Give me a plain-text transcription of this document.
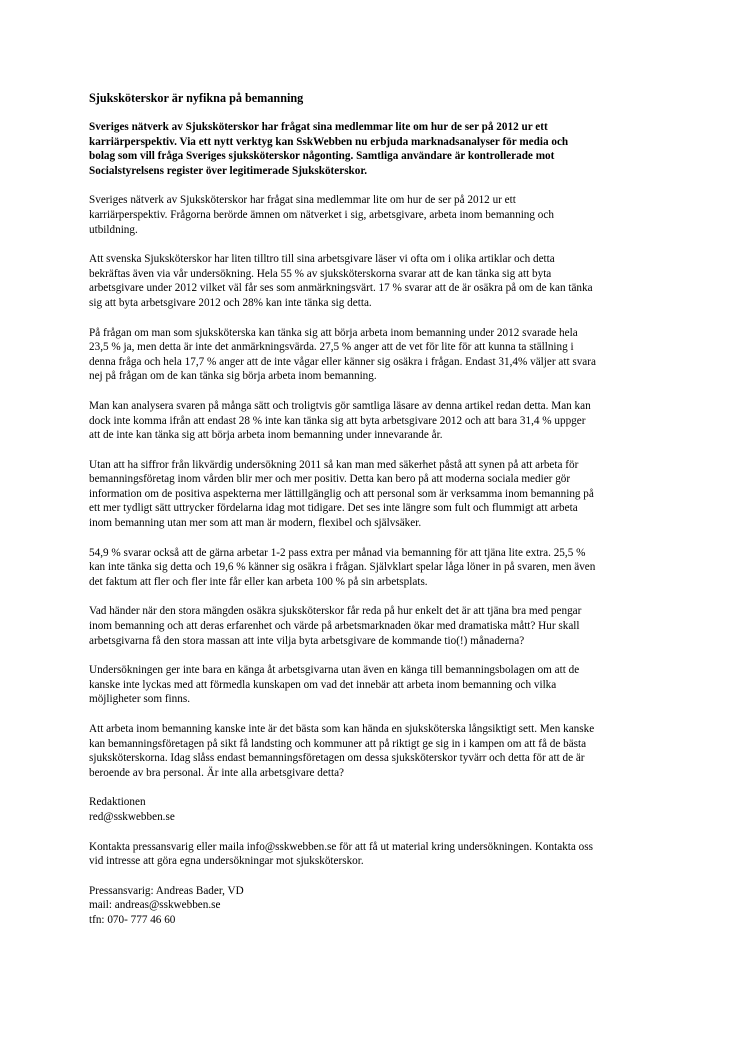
Sjuksköterskor är nyfikna på bemanning
Sveriges nätverk av Sjuksköterskor har frågat sina medlemmar lite om hur de ser på 2012 ur ett
karriärperspektiv. Via ett nytt verktyg kan SskWebben nu erbjuda marknadsanalyser för media och
bolag som vill fråga Sveriges sjuksköterskor någonting. Samtliga användare är kontrollerade mot
Socialstyrelsens register över legitimerade Sjuksköterskor.
Sveriges nätverk av Sjuksköterskor har frågat sina medlemmar lite om hur de ser på 2012 ur ett
karriärperspektiv. Frågorna berörde ämnen om nätverket i sig, arbetsgivare, arbeta inom bemanning och
utbildning.
Att svenska Sjuksköterskor har liten tilltro till sina arbetsgivare läser vi ofta om i olika artiklar och detta
bekräftas även via vår undersökning. Hela 55 % av sjuksköterskorna svarar att de kan tänka sig att byta
arbetsgivare under 2012 vilket väl får ses som anmärkningsvärt. 17 % svarar att de är osäkra på om de kan tänka
sig att byta arbetsgivare 2012 och 28% kan inte tänka sig detta.
På frågan om man som sjuksköterska kan tänka sig att börja arbeta inom bemanning under 2012 svarade hela
23,5 % ja, men detta är inte det anmärkningsvärda. 27,5 % anger att de vet för lite för att kunna ta ställning i
denna fråga och hela 17,7 % anger att de inte vågar eller känner sig osäkra i frågan. Endast 31,4% väljer att svara
nej på frågan om de kan tänka sig börja arbeta inom bemanning.
Man kan analysera svaren på många sätt och troligtvis gör samtliga läsare av denna artikel redan detta. Man kan
dock inte komma ifrån att endast 28 % inte kan tänka sig att byta arbetsgivare 2012 och att bara 31,4 % uppger
att de inte kan tänka sig att börja arbeta inom bemanning under innevarande år.
Utan att ha siffror från likvärdig undersökning 2011 så kan man med säkerhet påstå att synen på att arbeta för
bemanningsföretag inom vården blir mer och mer positiv. Detta kan bero på att moderna sociala medier gör
information om de positiva aspekterna mer lättillgänglig och att personal som är verksamma inom bemanning på
ett mer tydligt sätt uttrycker fördelarna idag mot tidigare. Det ses inte längre som fult och flummigt att arbeta
inom bemanning utan mer som att man är modern, flexibel och självsäker.
54,9 % svarar också att de gärna arbetar 1-2 pass extra per månad via bemanning för att tjäna lite extra. 25,5 %
kan inte tänka sig detta och 19,6 % känner sig osäkra i frågan. Självklart spelar låga löner in på svaren, men även
det faktum att fler och fler inte får eller kan arbeta 100 % på sin arbetsplats.
Vad händer när den stora mängden osäkra sjuksköterskor får reda på hur enkelt det är att tjäna bra med pengar
inom bemanning och att deras erfarenhet och värde på arbetsmarknaden ökar med dramatiska mått? Hur skall
arbetsgivarna få den stora massan att inte vilja byta arbetsgivare de kommande tio(!) månaderna?
Undersökningen ger inte bara en känga åt arbetsgivarna utan även en känga till bemanningsbolagen om att de
kanske inte lyckas med att förmedla kunskapen om vad det innebär att arbeta inom bemanning och vilka
möjligheter som finns.
Att arbeta inom bemanning kanske inte är det bästa som kan hända en sjuksköterska långsiktigt sett. Men kanske
kan bemanningsföretagen på sikt få landsting och kommuner att på riktigt ge sig in i kampen om att få de bästa
sjuksköterskorna. Idag slåss endast bemanningsföretagen om dessa sjuksköterskor tyvärr och detta för att de är
beroende av bra personal. Är inte alla arbetsgivare detta?
Redaktionen
red@sskwebben.se
Kontakta pressansvarig eller maila info@sskwebben.se för att få ut material kring undersökningen. Kontakta oss
vid intresse att göra egna undersökningar mot sjuksköterskor.
Pressansvarig: Andreas Bader, VD
mail: andreas@sskwebben.se
tfn: 070- 777 46 60
